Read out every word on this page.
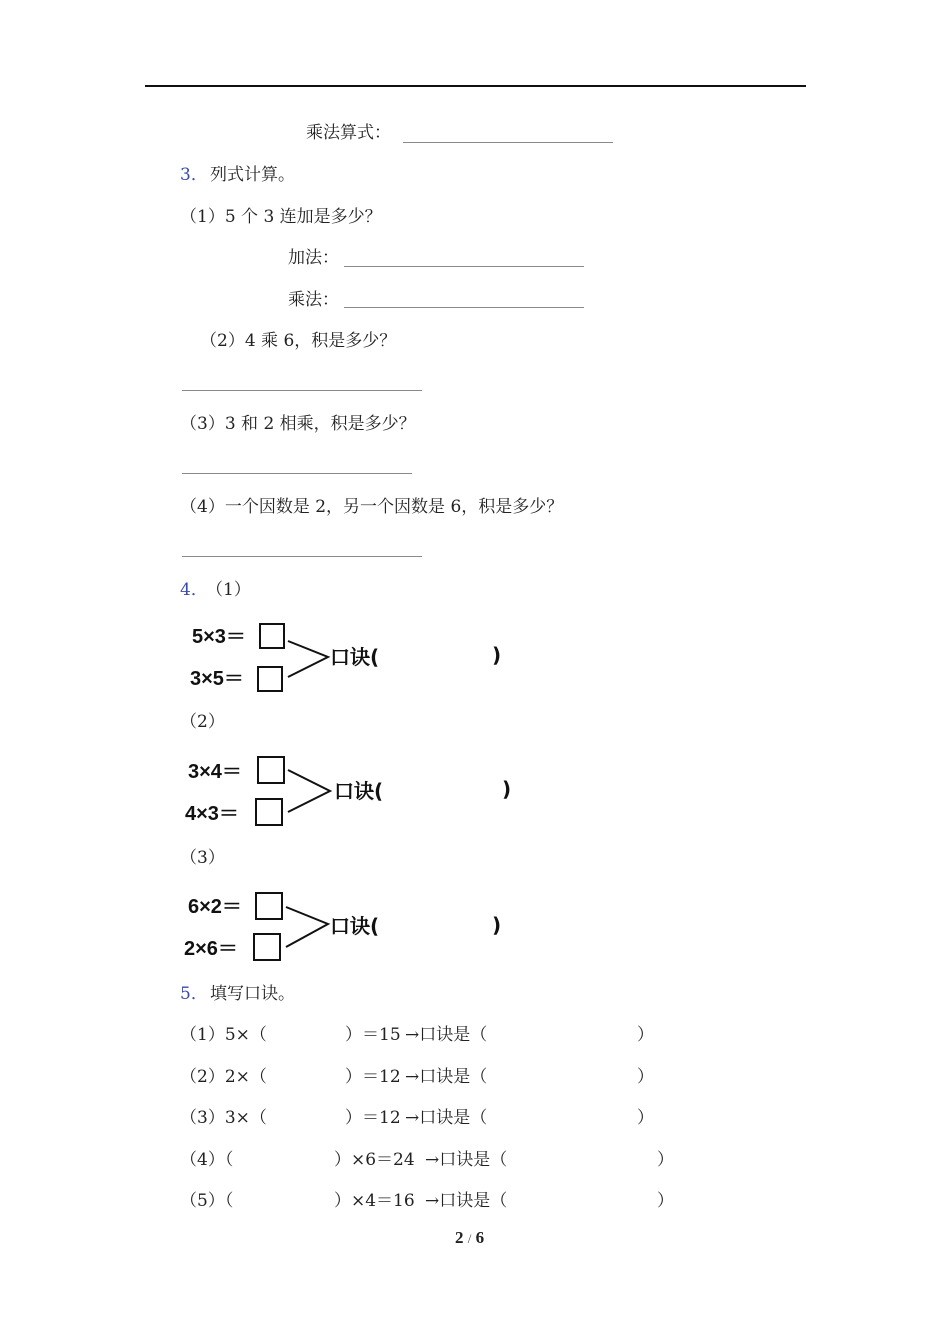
乘法算式：
3． 列式计算。
（1）5 个 3 连加是多少？
加法：
乘法：
（2）4 乘 6，积是多少？
（3）3 和 2 相乘，积是多少？
（4）一个因数是 2，另一个因数是 6，积是多少？
4．
（1）
5×3＝
3×5＝
口诀(	)
（2）
3×4＝
4×3＝
口诀(	)
（3）
6×2＝
2×6＝
口诀(	)
5． 填写口诀。
（1）5×（	）＝15 →口诀是（	）
（2）2×（	）＝12 →口诀是（	）
（3）3×（	）＝12 →口诀是（	）
（4）（	）×6＝24 →口诀是（	）
（5）（	）×4＝16 →口诀是（	）
2 / 6
